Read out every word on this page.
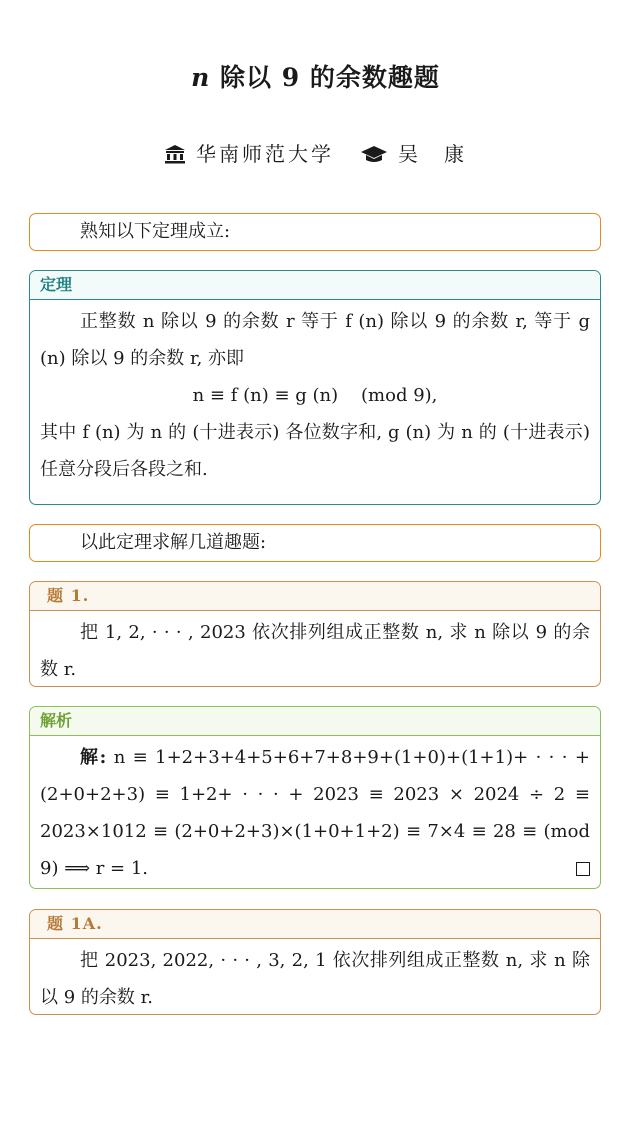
n 除以 9 的余数趣题
华南师范大学	吴　康
熟知以下定理成立:
定理
正整数 n 除以 9 的余数 r 等于 f (n) 除以 9 的余数 r, 等于 g (n) 除以 9 的余数 r, 亦即
n ≡ f (n) ≡ g (n)    (mod 9),
其中 f (n) 为 n 的 (十进表示) 各位数字和, g (n) 为 n 的 (十进表示) 任意分段后各段之和.
以此定理求解几道趣题:
题 1.
把 1, 2, · · · , 2023 依次排列组成正整数 n, 求 n 除以 9 的余数 r.
解析
解: n ≡ 1+2+3+4+5+6+7+8+9+(1+0)+(1+1)+ · · · + (2+0+2+3) ≡ 1+2+ · · · + 2023 ≡ 2023 × 2024 ÷ 2 ≡ 2023×1012 ≡ (2+0+2+3)×(1+0+1+2) ≡ 7×4 ≡ 28 ≡ (mod 9) ⟹ r = 1.
题 1A.
把 2023, 2022, · · · , 3, 2, 1 依次排列组成正整数 n, 求 n 除以 9 的余数 r.
